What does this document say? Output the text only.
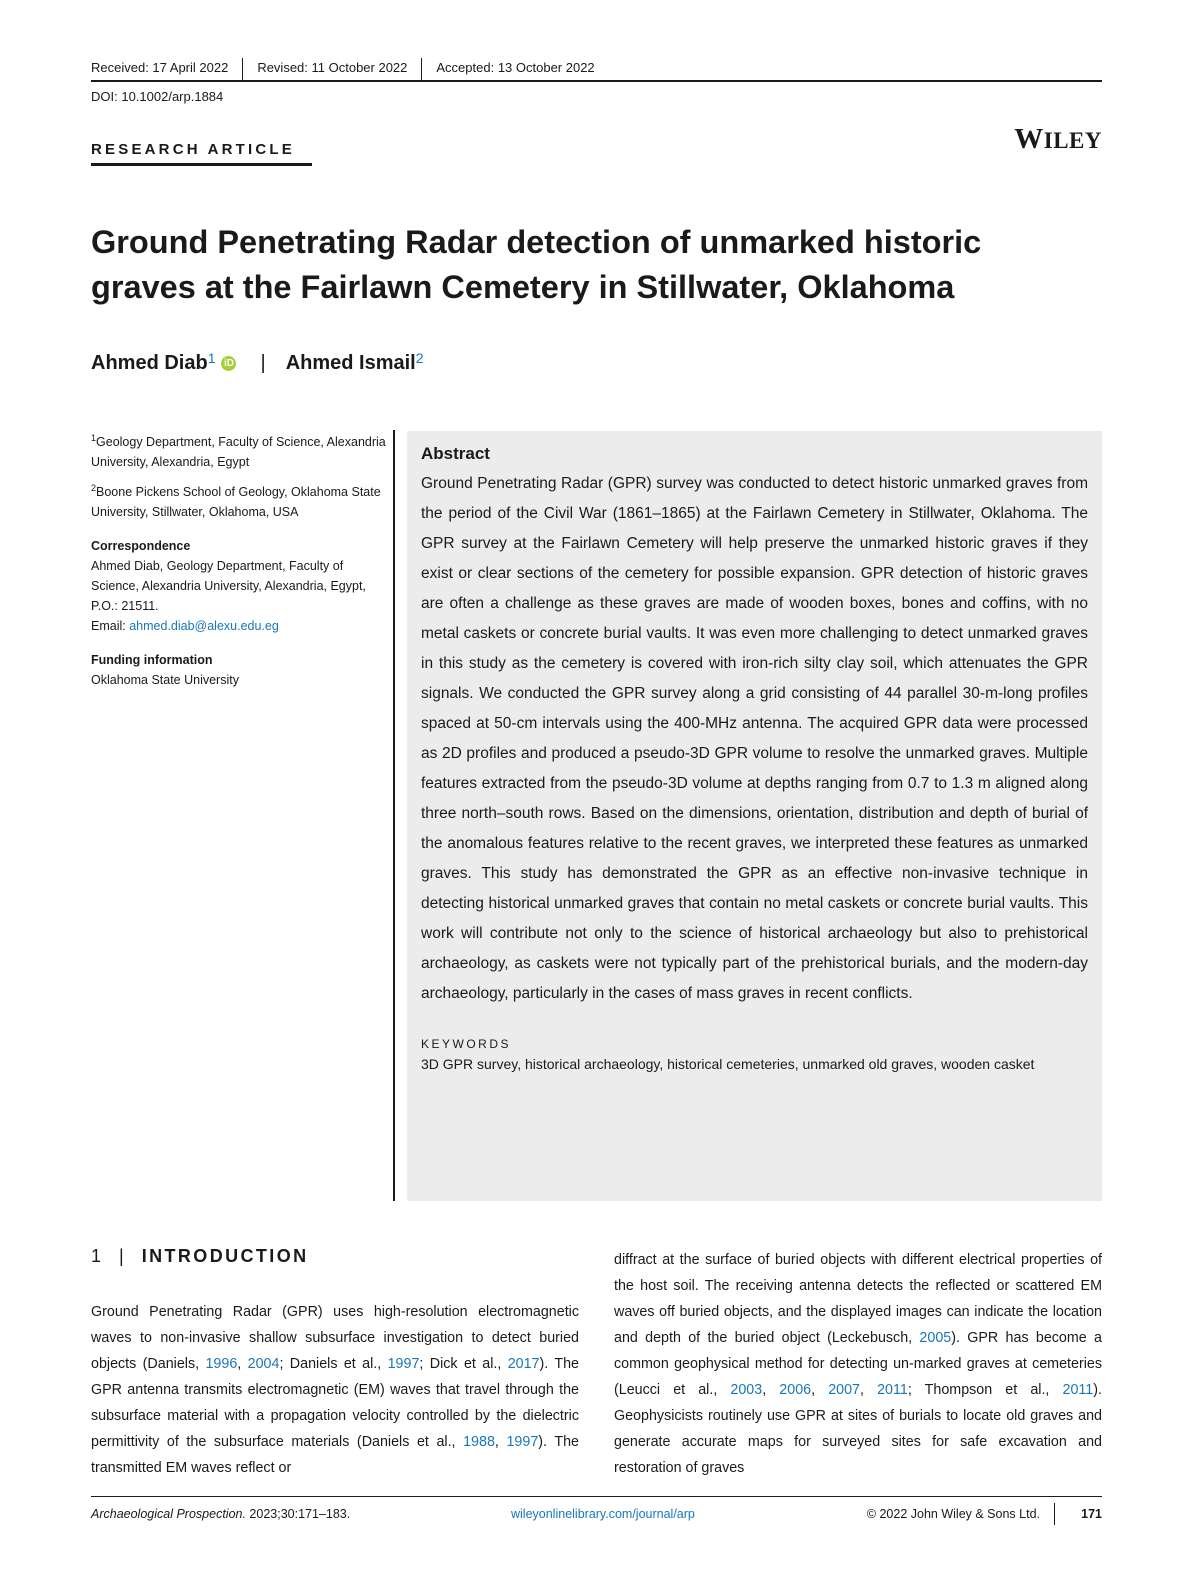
Received: 17 April 2022	Revised: 11 October 2022	Accepted: 13 October 2022
DOI: 10.1002/arp.1884
RESEARCH ARTICLE	WILEY
Ground Penetrating Radar detection of unmarked historic graves at the Fairlawn Cemetery in Stillwater, Oklahoma
Ahmed Diab$^1$ iD | Ahmed Ismail$^2$
$^1$Geology Department, Faculty of Science, Alexandria University, Alexandria, Egypt
$^2$Boone Pickens School of Geology, Oklahoma State University, Stillwater, Oklahoma, USA
Correspondence
Ahmed Diab, Geology Department, Faculty of Science, Alexandria University, Alexandria, Egypt, P.O.: 21511.
Email: ahmed.diab@alexu.edu.eg
Funding information
Oklahoma State University
Abstract

Ground Penetrating Radar (GPR) survey was conducted to detect historic unmarked graves from the period of the Civil War (1861–1865) at the Fairlawn Cemetery in Stillwater, Oklahoma. The GPR survey at the Fairlawn Cemetery will help preserve the unmarked historic graves if they exist or clear sections of the cemetery for possible expansion. GPR detection of historic graves are often a challenge as these graves are made of wooden boxes, bones and coffins, with no metal caskets or concrete burial vaults. It was even more challenging to detect unmarked graves in this study as the cemetery is covered with iron-rich silty clay soil, which attenuates the GPR signals. We conducted the GPR survey along a grid consisting of 44 parallel 30-m-long profiles spaced at 50-cm intervals using the 400-MHz antenna. The acquired GPR data were processed as 2D profiles and produced a pseudo-3D GPR volume to resolve the unmarked graves. Multiple features extracted from the pseudo-3D volume at depths ranging from 0.7 to 1.3 m aligned along three north–south rows. Based on the dimensions, orientation, distribution and depth of burial of the anomalous features relative to the recent graves, we interpreted these features as unmarked graves. This study has demonstrated the GPR as an effective non-invasive technique in detecting historical unmarked graves that contain no metal caskets or concrete burial vaults. This work will contribute not only to the science of historical archaeology but also to prehistorical archaeology, as caskets were not typically part of the prehistorical burials, and the modern-day archaeology, particularly in the cases of mass graves in recent conflicts.

KEYWORDS
3D GPR survey, historical archaeology, historical cemeteries, unmarked old graves, wooden casket
1 | INTRODUCTION

Ground Penetrating Radar (GPR) uses high-resolution electromagnetic waves to non-invasive shallow subsurface investigation to detect buried objects (Daniels, 1996, 2004; Daniels et al., 1997; Dick et al., 2017). The GPR antenna transmits electromagnetic (EM) waves that travel through the subsurface material with a propagation velocity controlled by the dielectric permittivity of the subsurface materials (Daniels et al., 1988, 1997). The transmitted EM waves reflect or

diffract at the surface of buried objects with different electrical properties of the host soil. The receiving antenna detects the reflected or scattered EM waves off buried objects, and the displayed images can indicate the location and depth of the buried object (Leckebusch, 2005). GPR has become a common geophysical method for detecting un-marked graves at cemeteries (Leucci et al., 2003, 2006, 2007, 2011; Thompson et al., 2011). Geophysicists routinely use GPR at sites of burials to locate old graves and generate accurate maps for surveyed sites for safe excavation and restoration of graves

Archaeological Prospection. 2023;30:171–183.	wileyonlinelibrary.com/journal/arp	© 2022 John Wiley & Sons Ltd.	171
